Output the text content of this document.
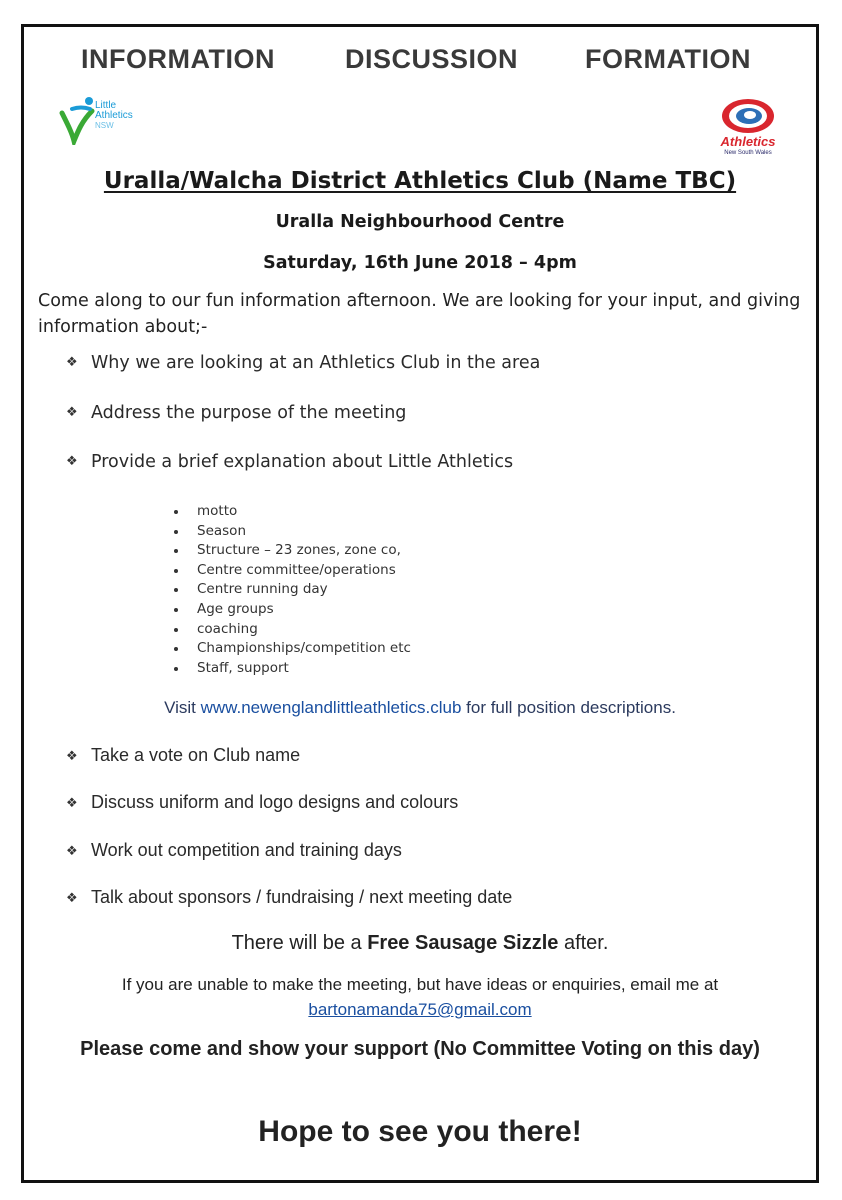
INFORMATION	DISCUSSION FORMATION
Little
Athletics
NSW
Athletics
New South Wales
Uralla/Walcha District Athletics Club (Name TBC)
Uralla Neighbourhood Centre
Saturday, 16th June 2018 – 4pm
Come along to our fun information afternoon. We are looking for your input, and giving information about;-
❖ Why we are looking at an Athletics Club in the area
❖ Address the purpose of the meeting
❖ Provide a brief explanation about Little Athletics
motto
Season
Structure – 23 zones, zone co,
Centre committee/operations
Centre running day
Age groups
coaching
Championships/competition etc
Staff, support
Visit www.newenglandlittleathletics.club for full position descriptions.
❖ Take a vote on Club name
❖ Discuss uniform and logo designs and colours
❖ Work out competition and training days
❖ Talk about sponsors / fundraising / next meeting date
There will be a Free Sausage Sizzle after.
If you are unable to make the meeting, but have ideas or enquiries, email me at
bartonamanda75@gmail.com
Please come and show your support (No Committee Voting on this day)
Hope to see you there!
